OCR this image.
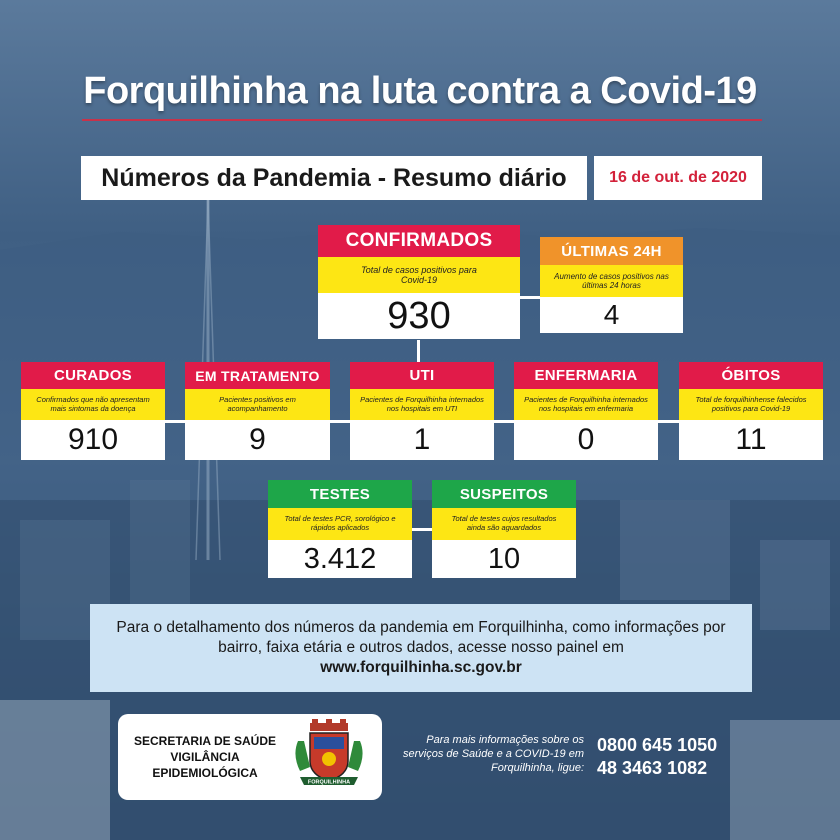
Forquilhinha na luta contra a Covid-19
Números da Pandemia - Resumo diário	16 de out. de 2020
CONFIRMADOS
Total de casos positivos para Covid-19
930
ÚLTIMAS 24H
Aumento de casos positivos nas últimas 24 horas
4
CURADOS
Confirmados que não apresentam mais sintomas da doença
910
EM TRATAMENTO
Pacientes positivos em acompanhamento
9
UTI
Pacientes de Forquilhinha internados nos hospitais em UTI
1
ENFERMARIA
Pacientes de Forquilhinha internados nos hospitais em enfermaria
0
ÓBITOS
Total de forquilhinhense falecidos positivos para Covid-19
11
TESTES
Total de testes PCR, sorológico e rápidos aplicados
3.412
SUSPEITOS
Total de testes cujos resultados ainda são aguardados
10
Para o detalhamento dos números da pandemia em Forquilhinha, como informações por
bairro, faixa etária e outros dados, acesse nosso painel em
www.forquilhinha.sc.gov.br
SECRETARIA DE SAÚDE
VIGILÂNCIA EPIDEMIOLÓGICA
FORQUILHINHA
Para mais informações sobre os
serviços de Saúde e a COVID-19 em
Forquilhinha, ligue:
0800 645 1050
48 3463 1082
